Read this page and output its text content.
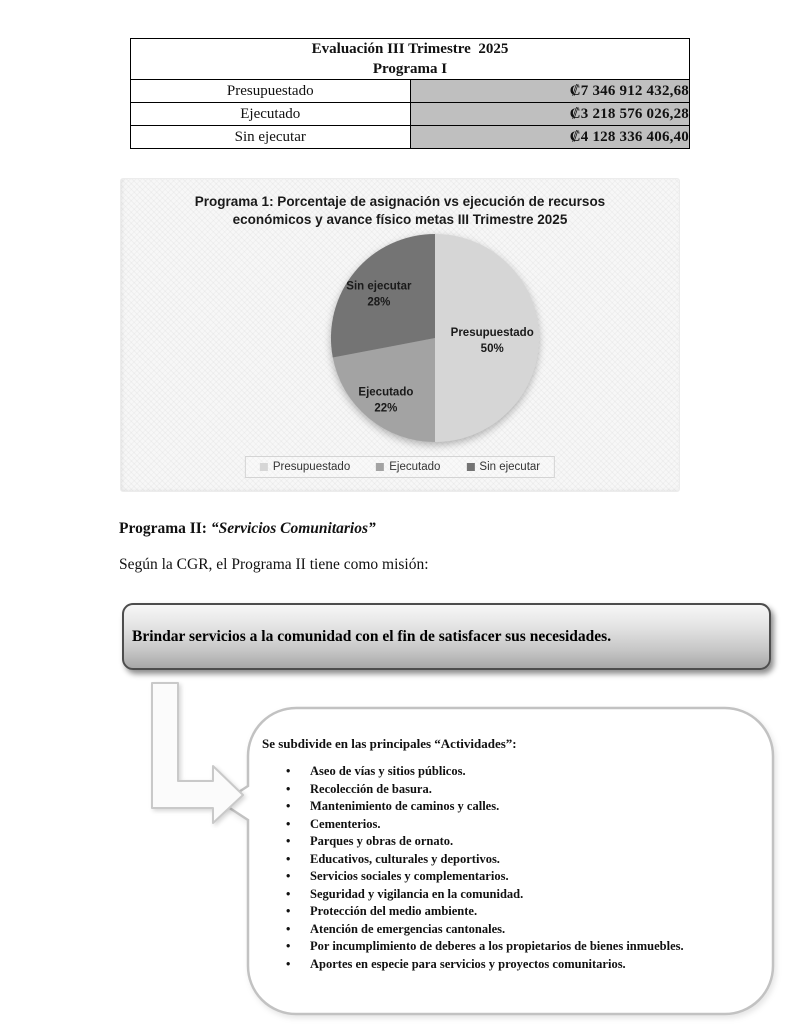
Evaluación III Trimestre  2025
Programa I	

Presupuestado	₡7 346 912 432,68
Ejecutado	₡3 218 576 026,28
Sin ejecutar	₡4 128 336 406,40
Programa 1: Porcentaje de asignación vs ejecución de recursos económicos y avance físico metas III Trimestre 2025
Presupuestado 50%
Ejecutado 22%
Sin ejecutar 28%
Presupuestado	Ejecutado	Sin ejecutar
Programa II: “Servicios Comunitarios”
Según la CGR, el Programa II tiene como misión:
Brindar servicios a la comunidad con el fin de satisfacer sus necesidades.
Se subdivide en las principales “Actividades”:
• Aseo de vías y sitios públicos.
• Recolección de basura.
• Mantenimiento de caminos y calles.
• Cementerios.
• Parques y obras de ornato.
• Educativos, culturales y deportivos.
• Servicios sociales y complementarios.
• Seguridad y vigilancia en la comunidad.
• Protección del medio ambiente.
• Atención de emergencias cantonales.
• Por incumplimiento de deberes a los propietarios de bienes inmuebles.
• Aportes en especie para servicios y proyectos comunitarios.
